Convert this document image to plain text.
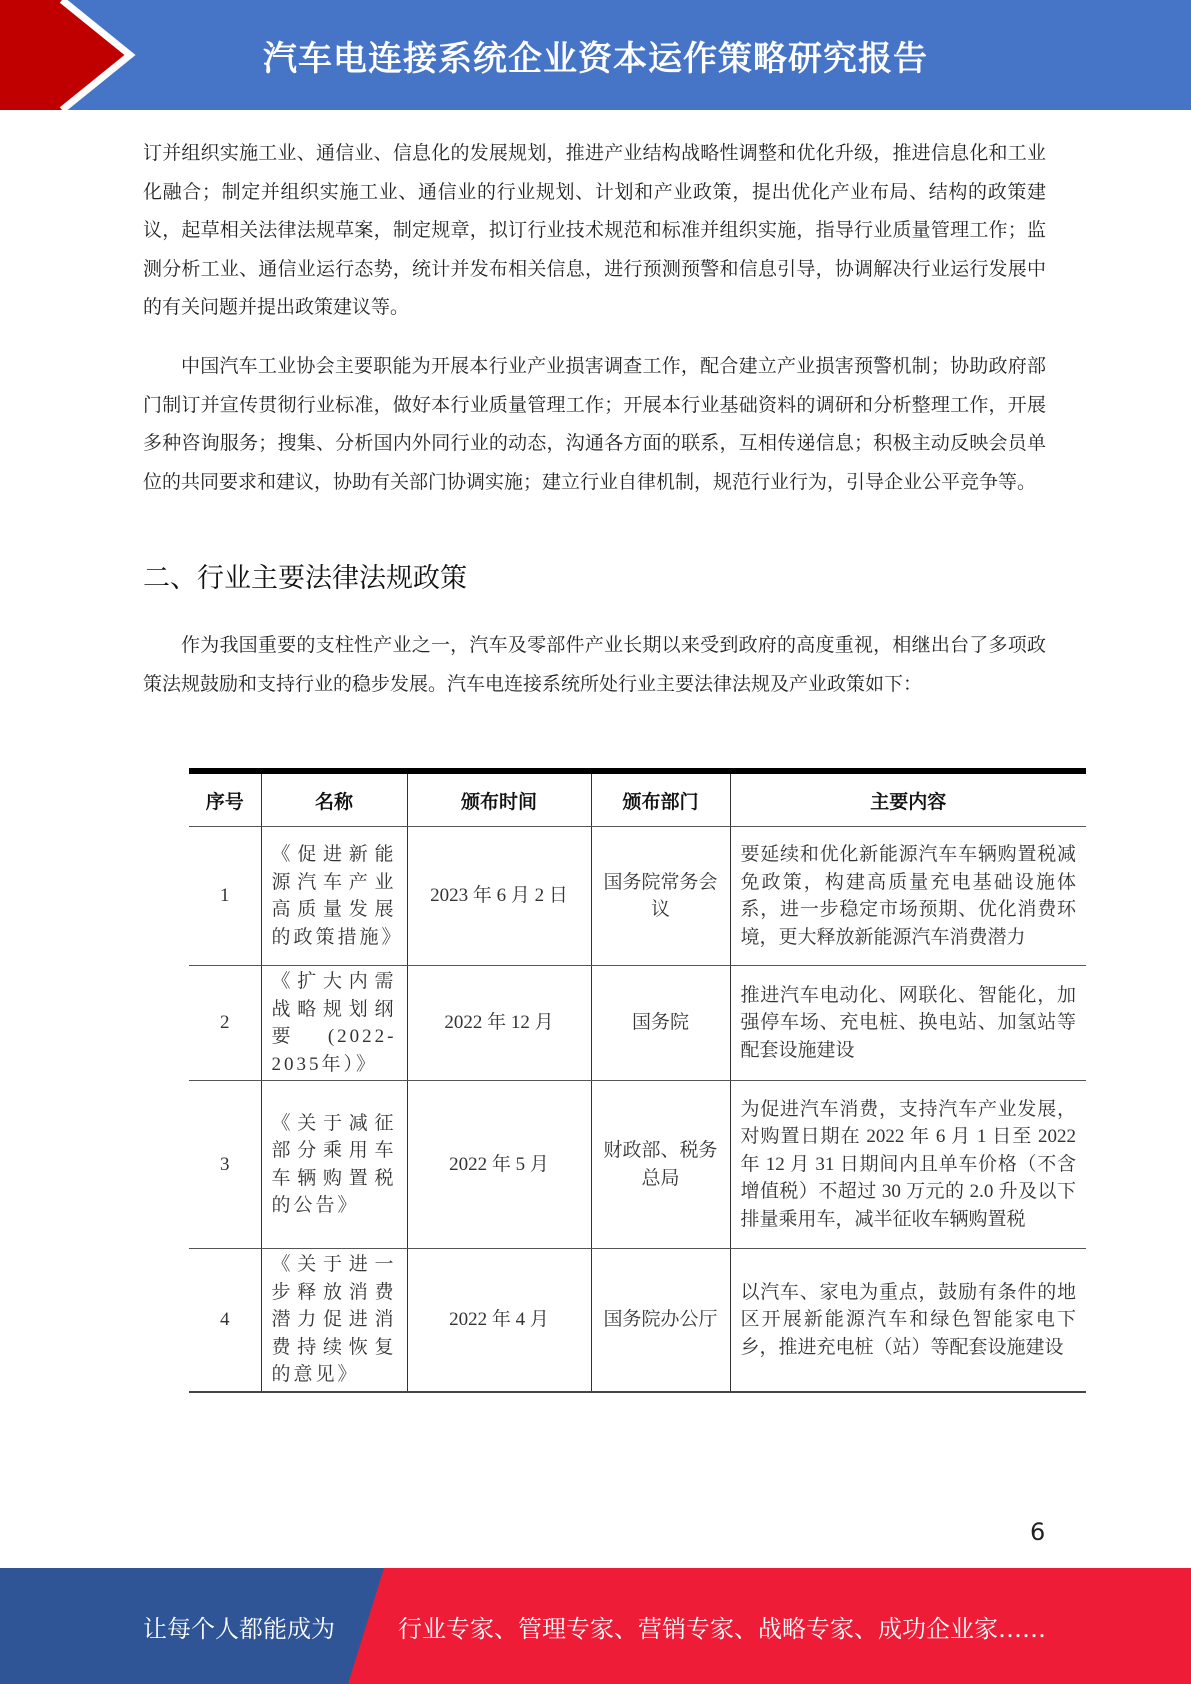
汽车电连接系统企业资本运作策略研究报告

订并组织实施工业、通信业、信息化的发展规划，推进产业结构战略性调整和优化升级，推进信息化和工业化融合；制定并组织实施工业、通信业的行业规划、计划和产业政策，提出优化产业布局、结构的政策建议，起草相关法律法规草案，制定规章，拟订行业技术规范和标准并组织实施，指导行业质量管理工作；监测分析工业、通信业运行态势，统计并发布相关信息，进行预测预警和信息引导，协调解决行业运行发展中的有关问题并提出政策建议等。

中国汽车工业协会主要职能为开展本行业产业损害调查工作，配合建立产业损害预警机制；协助政府部门制订并宣传贯彻行业标准，做好本行业质量管理工作；开展本行业基础资料的调研和分析整理工作，开展多种咨询服务；搜集、分析国内外同行业的动态，沟通各方面的联系，互相传递信息；积极主动反映会员单位的共同要求和建议，协助有关部门协调实施；建立行业自律机制，规范行业行为，引导企业公平竞争等。

二、行业主要法律法规政策

作为我国重要的支柱性产业之一，汽车及零部件产业长期以来受到政府的高度重视，相继出台了多项政策法规鼓励和支持行业的稳步发展。汽车电连接系统所处行业主要法律法规及产业政策如下：

序号	名称	颁布时间	颁布部门	主要内容
1	《促进新能源汽车产业高质量发展的政策措施》	2023 年 6 月 2 日	国务院常务会议	要延续和优化新能源汽车车辆购置税减免政策，构建高质量充电基础设施体系，进一步稳定市场预期、优化消费环境，更大释放新能源汽车消费潜力
2	《扩大内需战略规划纲要(2022-2035年）》	2022 年 12 月	国务院	推进汽车电动化、网联化、智能化，加强停车场、充电桩、换电站、加氢站等配套设施建设
3	《关于减征部分乘用车车辆购置税的公告》	2022 年 5 月	财政部、税务总局	为促进汽车消费，支持汽车产业发展，对购置日期在 2022 年 6 月 1 日至 2022 年 12 月 31 日期间内且单车价格（不含增值税）不超过 30 万元的 2.0 升及以下排量乘用车，减半征收车辆购置税
4	《关于进一步释放消费潜力促进消费持续恢复的意见》	2022 年 4 月	国务院办公厅	以汽车、家电为重点，鼓励有条件的地区开展新能源汽车和绿色智能家电下乡，推进充电桩（站）等配套设施建设
6
让每个人都能成为	行业专家、管理专家、营销专家、战略专家、成功企业家……
